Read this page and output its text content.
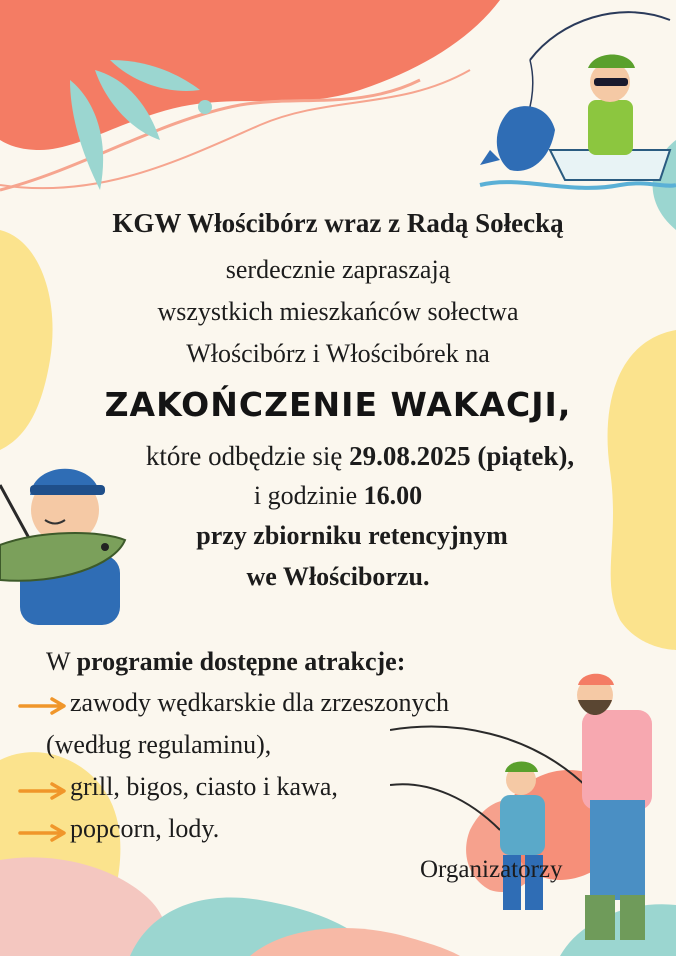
KGW Włościbórz wraz z Radą Sołecką
serdecznie zapraszają
wszystkich mieszkańców sołectwa
Włościbórz i Włościbórek na
ZAKOŃCZENIE WAKACJI,
które odbędzie się 29.08.2025 (piątek),
i godzinie 16.00
przy zbiorniku retencyjnym
we Włościborzu.
W programie dostępne atrakcje:
zawody wędkarskie dla zrzeszonych
(według regulaminu),
grill, bigos, ciasto i kawa,
popcorn, lody.
Organizatorzy
